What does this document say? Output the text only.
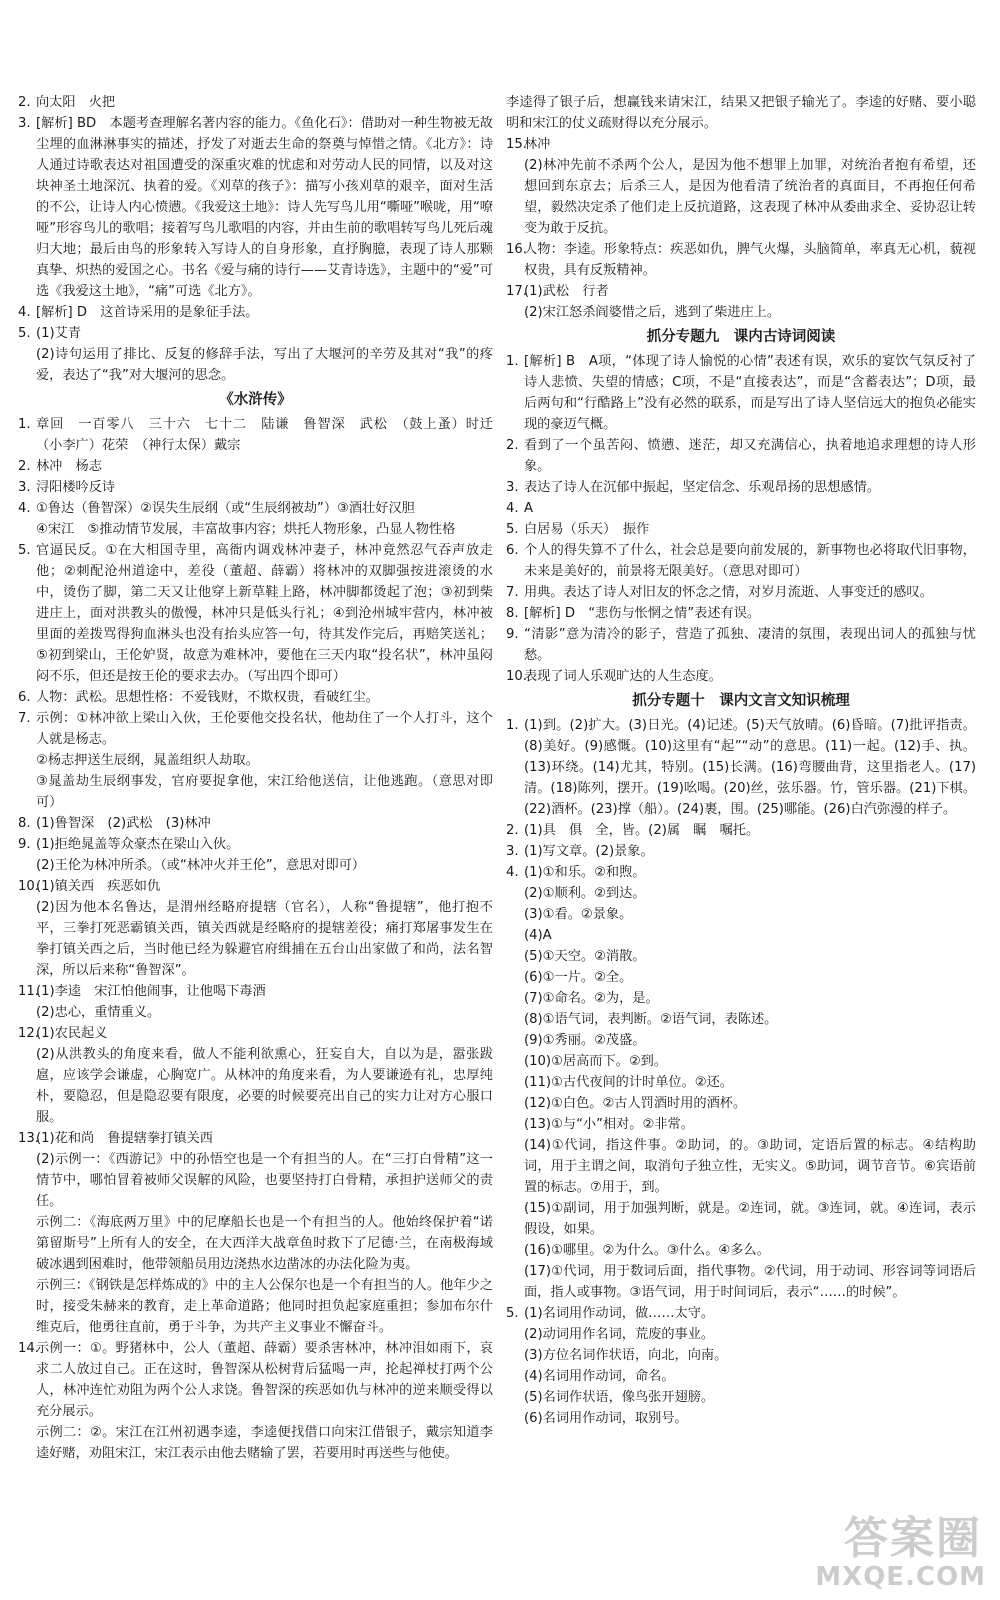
2. 向太阳　火把
3. [解析] BD　本题考查理解名著内容的能力。《鱼化石》：借助对一种生物被无故尘埋的血淋淋事实的描述，抒发了对逝去生命的祭奠与悼惜之情。《北方》：诗人通过诗歌表达对祖国遭受的深重灾难的忧虑和对劳动人民的同情，以及对这块神圣土地深沉、执着的爱。《刈草的孩子》：描写小孩刈草的艰辛，面对生活的不公，让诗人内心愤懑。《我爱这土地》：诗人先写鸟儿用“嘶哑”喉咙，用“嘹哑”形容鸟儿的歌唱；接着写鸟儿歌唱的内容，并由生前的歌唱转写鸟儿死后魂归大地；最后由鸟的形象转入写诗人的自身形象，直抒胸臆，表现了诗人那颗真挚、炽热的爱国之心。书名《爱与痛的诗行——艾青诗选》，主题中的“爱”可选《我爱这土地》，“痛”可选《北方》。
4. [解析] D　这首诗采用的是象征手法。
5. (1)艾青
(2)诗句运用了排比、反复的修辞手法，写出了大堰河的辛劳及其对“我”的疼爱，表达了“我”对大堰河的思念。
《水浒传》
1. 章回　一百零八　三十六　七十二　陆谦　鲁智深　武松　（鼓上蚤）时迁　（小李广）花荣　（神行太保）戴宗
2. 林冲　杨志
3. 浔阳楼吟反诗
4. ①鲁达（鲁智深）②误失生辰纲（或“生辰纲被劫”）③酒壮好汉胆
④宋江　⑤推动情节发展，丰富故事内容；烘托人物形象，凸显人物性格
5. 官逼民反。①在大相国寺里，高衙内调戏林冲妻子，林冲竟然忍气吞声放走他；②刺配沧州道途中，差役（董超、薛霸）将林冲的双脚强按进滚烫的水中，烫伤了脚，第二天又让他穿上新草鞋上路，林冲脚都烫起了泡；③初到柴进庄上，面对洪教头的傲慢，林冲只是低头行礼；④到沧州城牢营内，林冲被里面的差拨骂得狗血淋头也没有抬头应答一句，待其发作完后，再赔笑送礼；⑤初到梁山，王伦妒贤，故意为难林冲，要他在三天内取“投名状”，林冲虽闷闷不乐，但还是按王伦的要求去办。（写出四个即可）
6. 人物：武松。思想性格：不爱钱财，不欺权贵，看破红尘。
7. 示例：①林冲欲上梁山入伙，王伦要他交投名状，他劫住了一个人打斗，这个人就是杨志。
②杨志押送生辰纲，晁盖组织人劫取。
③晁盖劫生辰纲事发，官府要捉拿他，宋江给他送信，让他逃跑。（意思对即可）
8. (1)鲁智深　(2)武松　(3)林冲
9. (1)拒绝晁盖等众豪杰在梁山入伙。
(2)王伦为林冲所杀。（或“林冲火并王伦”，意思对即可）
10.
(1)镇关西　疾恶如仇
(2)因为他本名鲁达，是渭州经略府提辖（官名），人称“鲁提辖”，他打抱不平，三拳打死恶霸镇关西，镇关西就是经略府的提辖差役；痛打郑屠事发生在拳打镇关西之后，当时他已经为躲避官府缉捕在五台山出家做了和尚，法名智深，所以后来称“鲁智深”。
11.
(1)李逵　宋江怕他闹事，让他喝下毒酒
(2)忠心，重情重义。
12.
(1)农民起义
(2)从洪教头的角度来看，做人不能利欲熏心，狂妄自大，自以为是，嚣张跋扈，应该学会谦虚，心胸宽广。从林冲的角度来看，为人要谦逊有礼，忠厚纯朴，要隐忍，但是隐忍要有限度，必要的时候要亮出自己的实力让对方心服口服。
13.
(1)花和尚　鲁提辖拳打镇关西
(2)示例一：《西游记》中的孙悟空也是一个有担当的人。在“三打白骨精”这一情节中，哪怕冒着被师父误解的风险，也要坚持打白骨精，承担护送师父的责任。
示例二：《海底两万里》中的尼摩船长也是一个有担当的人。他始终保护着“诺第留斯号”上所有人的安全，在大西洋大战章鱼时救下了尼德·兰，在南极海域破冰遇到困难时，他带领船员用边浇热水边凿冰的办法化险为夷。
示例三：《钢铁是怎样炼成的》中的主人公保尔也是一个有担当的人。他年少之时，接受朱赫来的教育，走上革命道路；他同时担负起家庭重担；参加布尔什维克后，他勇往直前，勇于斗争，为共产主义事业不懈奋斗。
14.
示例一：①。野猪林中，公人（董超、薛霸）要杀害林冲，林冲泪如雨下，哀求二人放过自己。正在这时，鲁智深从松树背后猛喝一声，抡起禅杖打两个公人，林冲连忙劝阻为两个公人求饶。鲁智深的疾恶如仇与林冲的逆来顺受得以充分展示。
示例二：②。宋江在江州初遇李逵，李逵便找借口向宋江借银子，戴宗知道李逵好赌，劝阻宋江，宋江表示由他去赌输了罢，若要用时再送些与他使。
李逵得了银子后，想赢钱来请宋江，结果又把银子输光了。李逵的好赌、要小聪明和宋江的仗义疏财得以充分展示。
15.
林冲
(2)林冲先前不杀两个公人，是因为他不想罪上加罪，对统治者抱有希望，还想回到东京去；后杀三人，是因为他看清了统治者的真面目，不再抱任何希望，毅然决定杀了他们走上反抗道路，这表现了林冲从委曲求全、妥协忍让转变为敢于反抗。
16.
人物：李逵。形象特点：疾恶如仇，脾气火爆，头脑简单，率真无心机，藐视权贵，具有反叛精神。
17.
(1)武松　行者
(2)宋江怒杀阎婆惜之后，逃到了柴进庄上。
抓分专题九　课内古诗词阅读
1. [解析] B　A项，“体现了诗人愉悦的心情”表述有误，欢乐的宴饮气氛反衬了诗人悲愤、失望的情感；C项，不是“直接表达”，而是“含蓄表达”；D项，最后两句和“行酷路上”没有必然的联系，而是写出了诗人坚信远大的抱负必能实现的豪迈气概。
2. 看到了一个虽苦闷、愤懑、迷茫，却又充满信心，执着地追求理想的诗人形象。
3. 表达了诗人在沉郁中振起，坚定信念、乐观昂扬的思想感情。
4. A
5. 白居易（乐天）　振作
6. 个人的得失算不了什么，社会总是要向前发展的，新事物也必将取代旧事物，未来是美好的，前景将无限美好。（意思对即可）
7. 用典。表达了诗人对旧友的怀念之情，对岁月流逝、人事变迁的感叹。
8. [解析] D　“悲伤与怅惘之情”表述有误。
9. “清影”意为清冷的影子，营造了孤独、凄清的氛围，表现出词人的孤独与忧愁。
10.
表现了词人乐观旷达的人生态度。
抓分专题十　课内文言文知识梳理
1. (1)到。(2)扩大。(3)日光。(4)记述。(5)天气放晴。(6)昏暗。(7)批评指责。(8)美好。(9)感慨。(10)这里有“起”“动”的意思。(11)一起。(12)手、执。(13)环绕。(14)尤其，特别。(15)长满。(16)弯腰曲背，这里指老人。(17)清。(18)陈列，摆开。(19)吆喝。(20)丝，弦乐器。竹，管乐器。(21)下棋。(22)酒杯。(23)撑（船）。(24)裹，围。(25)哪能。(26)白汽弥漫的样子。
2. (1)具　俱　全，皆。(2)属　瞩　嘱托。
3. (1)写文章。(2)景象。
4. (1)①和乐。②和煦。
(2)①顺利。②到达。
(3)①看。②景象。
(4)A
(5)①天空。②消散。
(6)①一片。②全。
(7)①命名。②为，是。
(8)①语气词，表判断。②语气词，表陈述。
(9)①秀丽。②茂盛。
(10)①居高而下。②到。
(11)①古代夜间的计时单位。②还。
(12)①白色。②古人罚酒时用的酒杯。
(13)①与“小”相对。②非常。
(14)①代词，指这件事。②助词，的。③助词，定语后置的标志。④结构助词，用于主谓之间，取消句子独立性，无实义。⑤助词，调节音节。⑥宾语前置的标志。⑦用于，到。
(15)①副词，用于加强判断，就是。②连词，就。③连词，就。④连词，表示假设，如果。
(16)①哪里。②为什么。③什么。④多么。
(17)①代词，用于数词后面，指代事物。②代词，用于动词、形容词等词语后面，指人或事物。③语气词，用于时间词后，表示“……的时候”。
5. (1)名词用作动词，做……太守。
(2)动词用作名词，荒废的事业。
(3)方位名词作状语，向北，向南。
(4)名词用作动词，命名。
(5)名词作状语，像鸟张开翅膀。
(6)名词用作动词，取别号。
答案圈
MXQE.COM
